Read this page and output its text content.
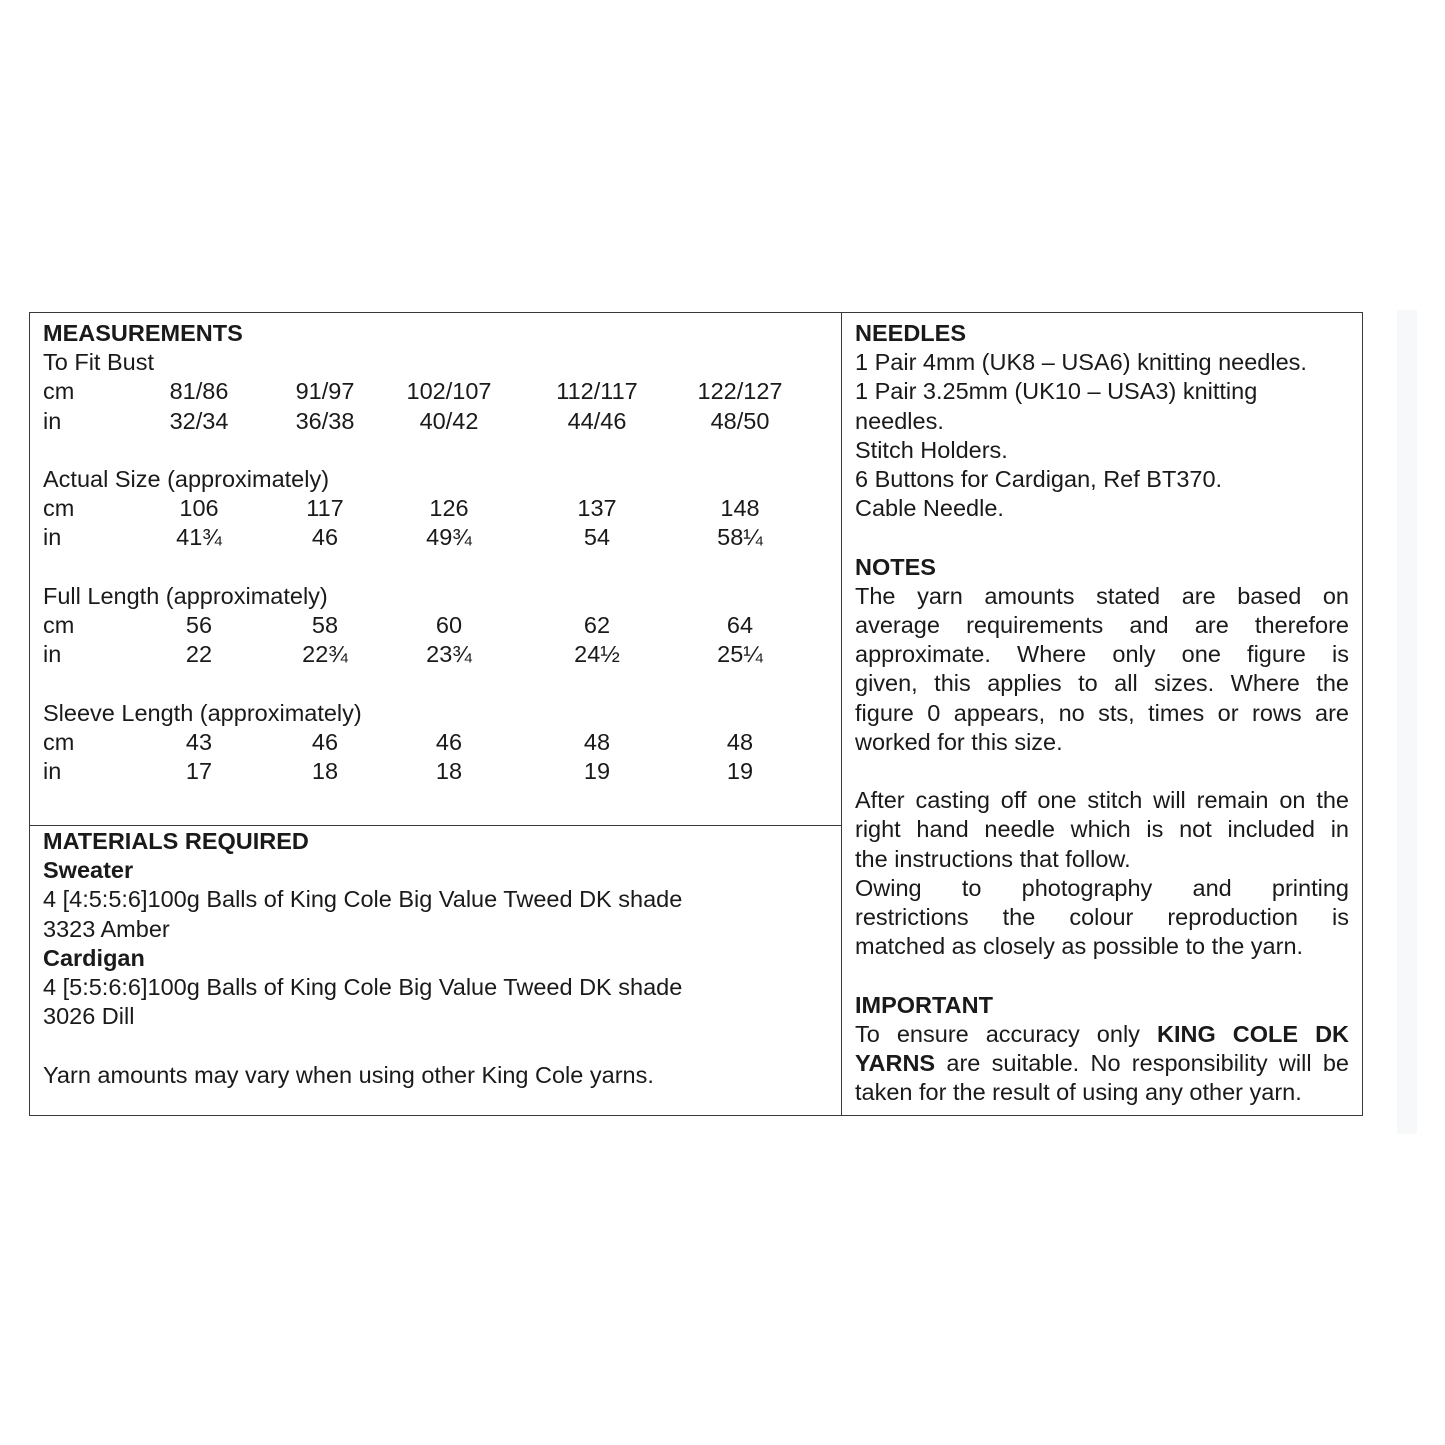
MEASUREMENTS
To Fit Bust
cm	81/86	91/97	102/107	112/117	122/127
in	32/34	36/38	40/42	44/46	48/50
Actual Size (approximately)
cm	106	117	126	137	148
in	41¾	46	49¾	54	58¼
Full Length (approximately)
cm	56	58	60	62	64
in	22	22¾	23¾	24½	25¼
Sleeve Length (approximately)
cm	43	46	46	48	48
in	17	18	18	19	19
MATERIALS REQUIRED
Sweater
4 [4:5:5:6]100g Balls of King Cole Big Value Tweed DK shade
3323 Amber
Cardigan
4 [5:5:6:6]100g Balls of King Cole Big Value Tweed DK shade
3026 Dill
Yarn amounts may vary when using other King Cole yarns.
NEEDLES
1 Pair 4mm (UK8 – USA6) knitting needles.
1 Pair 3.25mm (UK10 – USA3) knitting
needles.
Stitch Holders.
6 Buttons for Cardigan, Ref BT370.
Cable Needle.
NOTES
The yarn amounts stated are based on
average requirements and are therefore
approximate. Where only one figure is
given, this applies to all sizes. Where the
figure 0 appears, no sts, times or rows are
worked for this size.
After casting off one stitch will remain on the
right hand needle which is not included in
the instructions that follow.
Owing to photography and printing
restrictions the colour reproduction is
matched as closely as possible to the yarn.
IMPORTANT
To ensure accuracy only KING COLE DK
YARNS are suitable. No responsibility will be
taken for the result of using any other yarn.
